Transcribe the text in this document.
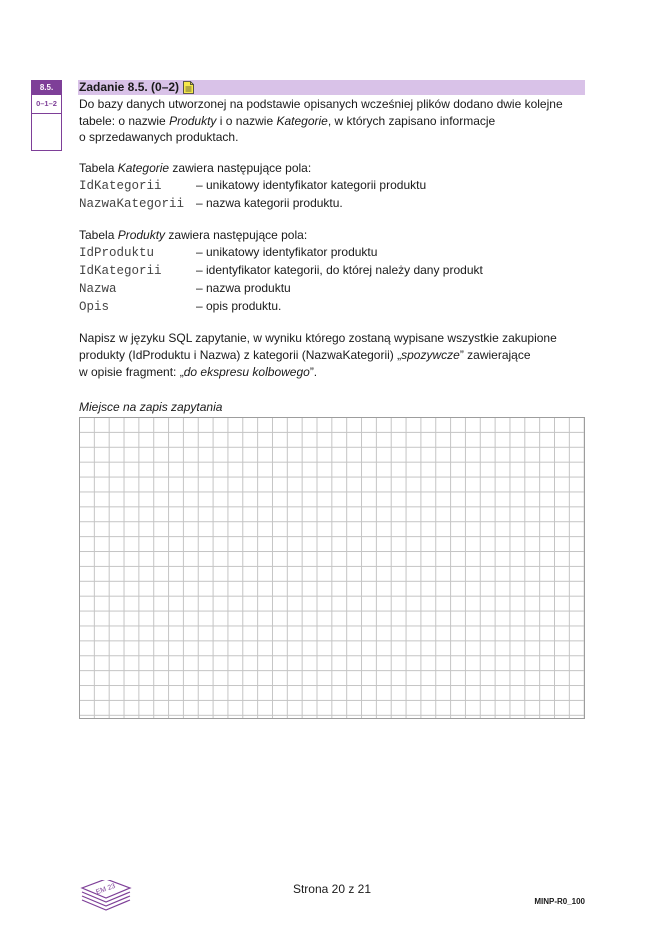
8.5.
0–1–2
Zadanie 8.5. (0–2)
Do bazy danych utworzonej na podstawie opisanych wcześniej plików dodano dwie kolejne
tabele: o nazwie Produkty i o nazwie Kategorie, w których zapisano informacje
o sprzedawanych produktach.
Tabela Kategorie zawiera następujące pola:
IdKategorii	– unikatowy identyfikator kategorii produktu
NazwaKategorii – nazwa kategorii produktu.
Tabela Produkty zawiera następujące pola:
IdProduktu	– unikatowy identyfikator produktu
IdKategorii	– identyfikator kategorii, do której należy dany produkt
Nazwa	– nazwa produktu
Opis	– opis produktu.
Napisz w języku SQL zapytanie, w wyniku którego zostaną wypisane wszystkie zakupione
produkty (IdProduktu i Nazwa) z kategorii (NazwaKategorii) „spozywcze” zawierające
w opisie fragment: „do ekspresu kolbowego”.
Miejsce na zapis zapytania
EM 23	Strona 20 z 21
MINP-R0_100
